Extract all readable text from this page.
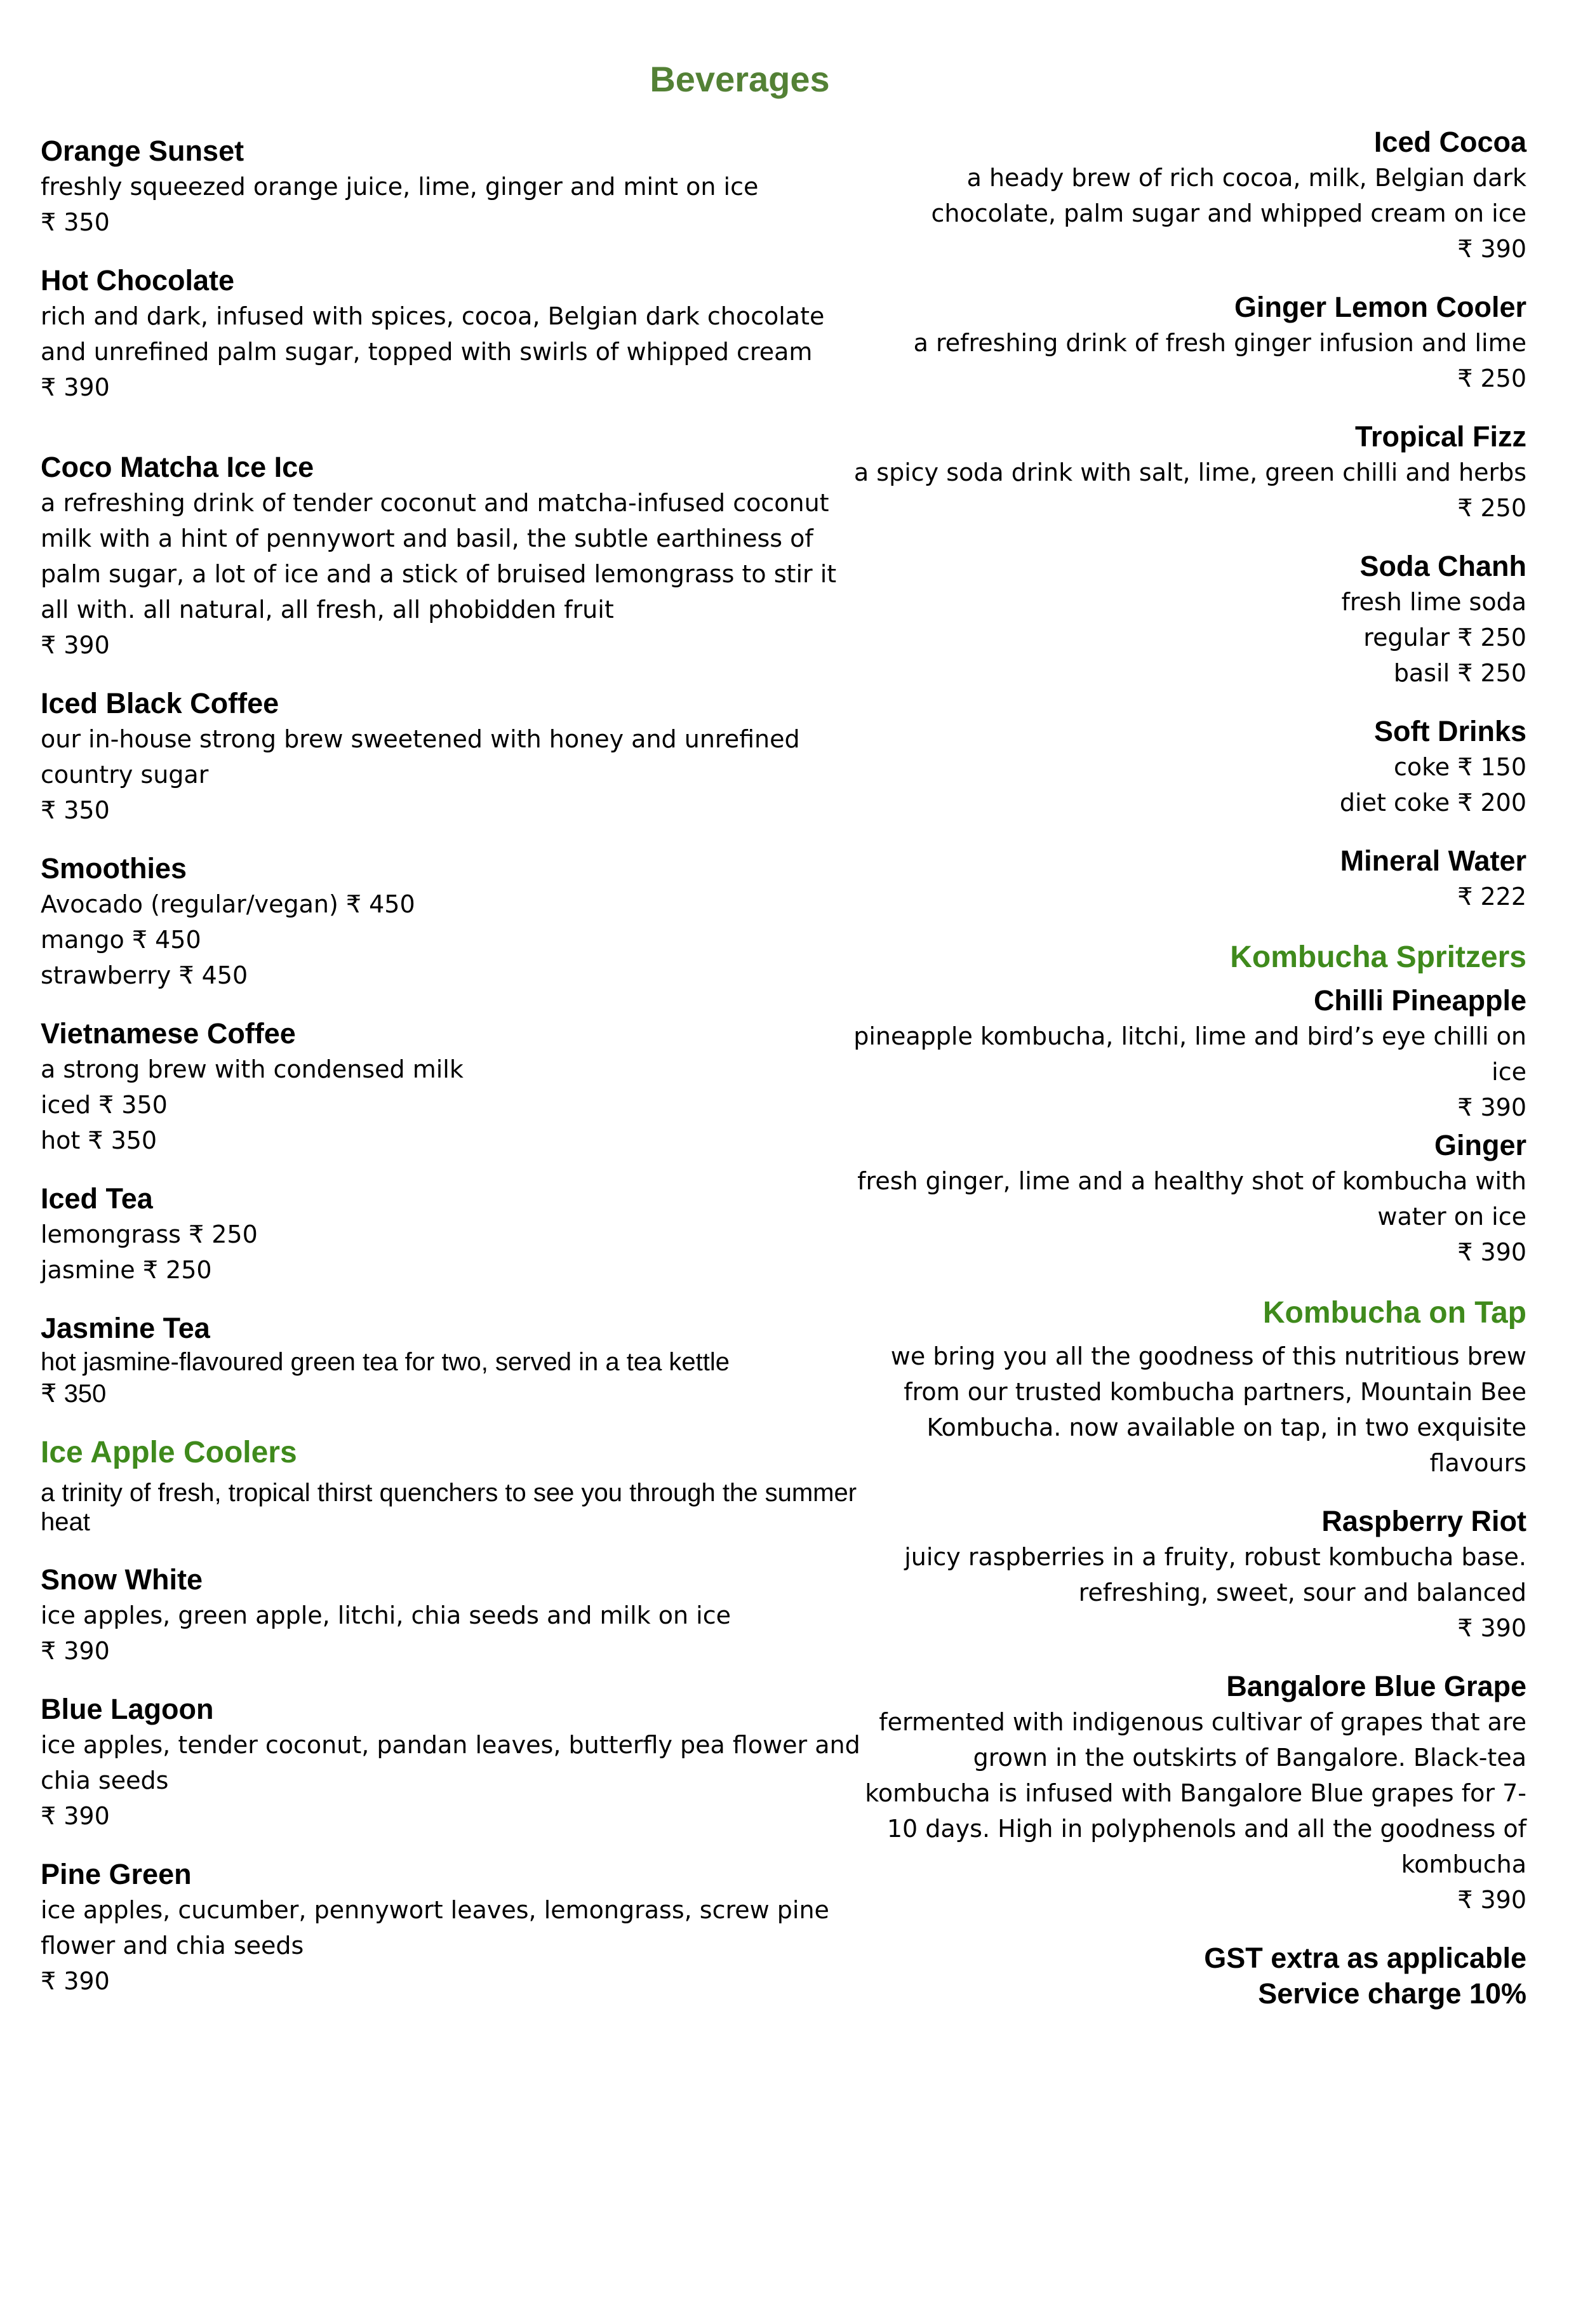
Beverages
Orange Sunset
freshly squeezed orange juice, lime, ginger and mint on ice
₹ 350
Hot Chocolate
rich and dark, infused with spices, cocoa, Belgian dark chocolate and unrefined palm sugar, topped with swirls of whipped cream
₹ 390
Coco Matcha Ice Ice
a refreshing drink of tender coconut and matcha-infused coconut milk with a hint of pennywort and basil, the subtle earthiness of palm sugar, a lot of ice and a stick of bruised lemongrass to stir it all with. all natural, all fresh, all phobidden fruit
₹ 390
Iced Black Coffee
our in-house strong brew sweetened with honey and unrefined country sugar
₹ 350
Smoothies
Avocado (regular/vegan) ₹ 450
mango ₹ 450
strawberry ₹ 450
Vietnamese Coffee
a strong brew with condensed milk
iced ₹ 350
hot ₹ 350
Iced Tea
lemongrass ₹ 250
jasmine ₹ 250
Jasmine Tea
hot jasmine-flavoured green tea for two, served in a tea kettle
₹ 350
Ice Apple Coolers
a trinity of fresh, tropical thirst quenchers to see you through the summer heat
Snow White
ice apples, green apple, litchi, chia seeds and milk on ice
₹ 390
Blue Lagoon
ice apples, tender coconut, pandan leaves, butterfly pea flower and chia seeds
₹ 390
Pine Green
ice apples, cucumber, pennywort leaves, lemongrass, screw pine flower and chia seeds
₹ 390
Iced Cocoa
a heady brew of rich cocoa, milk, Belgian dark chocolate, palm sugar and whipped cream on ice
₹ 390
Ginger Lemon Cooler
a refreshing drink of fresh ginger infusion and lime
₹ 250
Tropical Fizz
a spicy soda drink with salt, lime, green chilli and herbs
₹ 250
Soda Chanh
fresh lime soda
regular ₹ 250
basil ₹ 250
Soft Drinks
coke ₹ 150
diet coke ₹ 200
Mineral Water
₹ 222
Kombucha Spritzers
Chilli Pineapple
pineapple kombucha, litchi, lime and bird’s eye chilli on ice
₹ 390
Ginger
fresh ginger, lime and a healthy shot of kombucha with water on ice
₹ 390
Kombucha on Tap
we bring you all the goodness of this nutritious brew from our trusted kombucha partners, Mountain Bee Kombucha. now available on tap, in two exquisite flavours
Raspberry Riot
juicy raspberries in a fruity, robust kombucha base. refreshing, sweet, sour and balanced
₹ 390
Bangalore Blue Grape
fermented with indigenous cultivar of grapes that are grown in the outskirts of Bangalore. Black-tea kombucha is infused with Bangalore Blue grapes for 7-10 days. High in polyphenols and all the goodness of kombucha
₹ 390
GST extra as applicable
Service charge 10%
